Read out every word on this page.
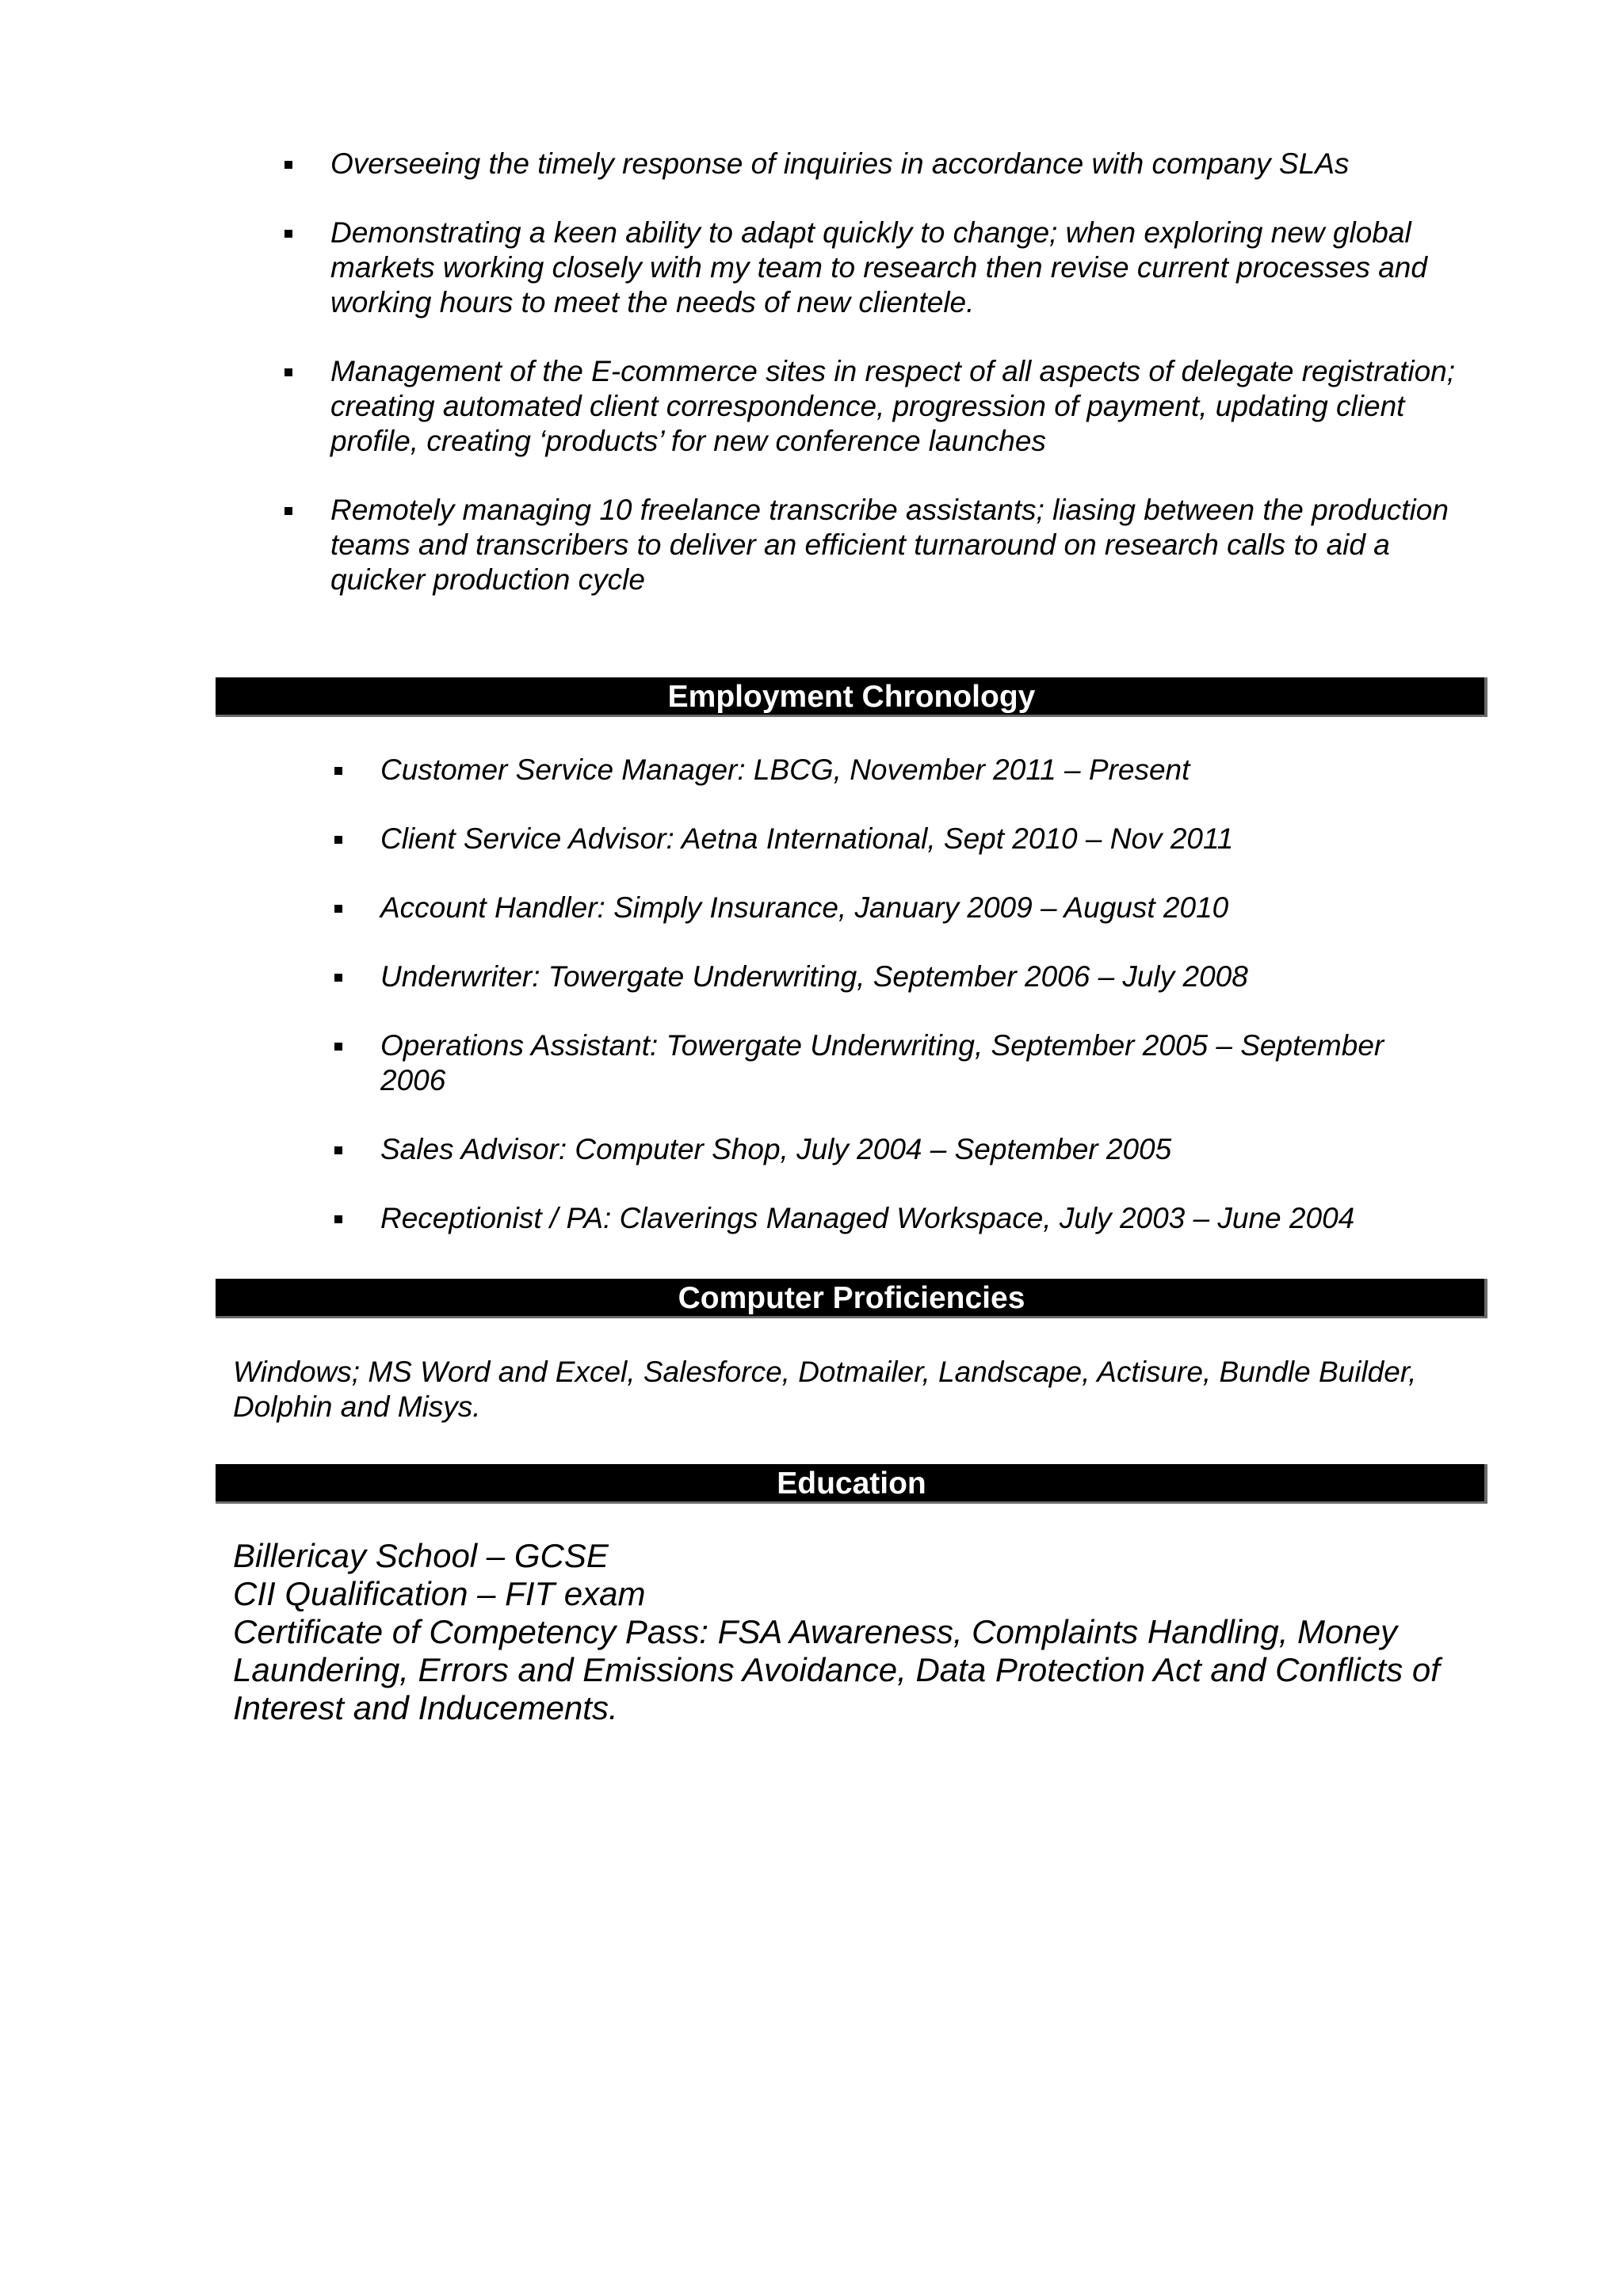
Overseeing the timely response of inquiries in accordance with company SLAs
Demonstrating a keen ability to adapt quickly to change; when exploring new global markets working closely with my team to research then revise current processes and working hours to meet the needs of new clientele.
Management of the E-commerce sites in respect of all aspects of delegate registration; creating automated client correspondence, progression of payment, updating client profile, creating ‘products’ for new conference launches
Remotely managing 10 freelance transcribe assistants; liasing between the production teams and transcribers to deliver an efficient turnaround on research calls to aid a quicker production cycle
Employment Chronology
Customer Service Manager: LBCG, November 2011 – Present
Client Service Advisor: Aetna International, Sept 2010 – Nov 2011
Account Handler: Simply Insurance, January 2009 – August 2010
Underwriter: Towergate Underwriting, September 2006 – July 2008
Operations Assistant: Towergate Underwriting, September 2005 – September 2006
Sales Advisor: Computer Shop, July 2004 – September 2005
Receptionist / PA: Claverings Managed Workspace, July 2003 – June 2004
Computer Proficiencies

Windows; MS Word and Excel, Salesforce, Dotmailer, Landscape, Actisure, Bundle Builder, Dolphin and Misys.

Education
Billericay School – GCSE
CII Qualification – FIT exam
Certificate of Competency Pass: FSA Awareness, Complaints Handling, Money Laundering, Errors and Emissions Avoidance, Data Protection Act and Conflicts of Interest and Inducements.
